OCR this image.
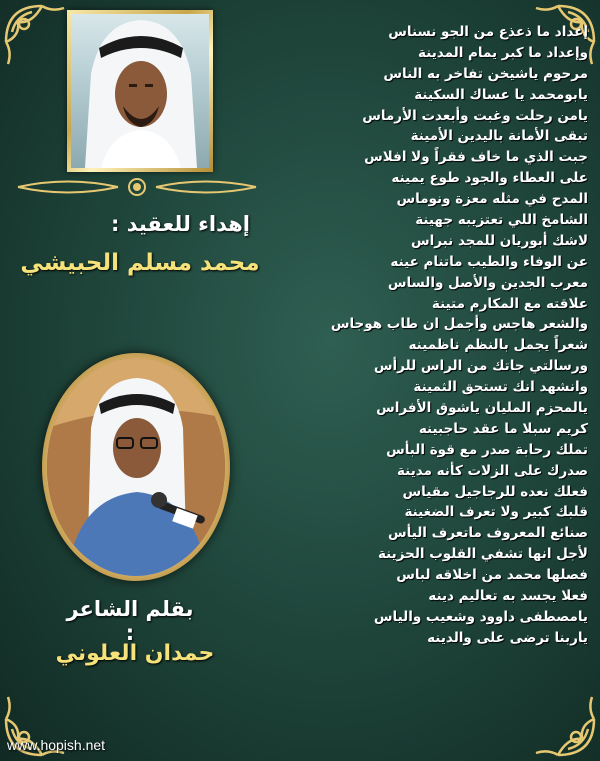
إهداء للعقيد :
محمد مسلم الحبيشي
بقلم الشاعر :
حمدان العلوني
إعداد ما ذعذع من الجو نسناس
وإعداد ما كبر يمام المدينة
مرحوم ياشيخن تفاخر به الناس
يابومحمد يا عساك السكينة
يامن رحلت وغبت وأبعدت الأرماس
تبقى الأمانة باليدين الأمينة
جبت الذي ما خاف فقراً ولا افلاس
على العطاء والجود طوع يمينه
المدح في مثله معزة ونوماس
الشامخ اللي تعتزيبه جهينة
لاشك أبوريان للمجد نبراس
عن الوفاء والطيب ماتنام عينه
معرب الجدين والأصل والساس
علاقته مع المكارم متينة
والشعر هاجس وأجمل ان طاب هوجاس
شعراً يجمل بالنظم ناظمينه
ورسالتي جاتك من الراس للرأس
وانشهد انك تستحق الثمينة
يالمحزم المليان ياشوق الأفراس
كريم سبلا ما عقد حاجبينه
تملك رحابة صدر مع قوة البأس
صدرك على الزلات كأنه مدينة
فعلك نعده للرجاجيل مقياس
قلبك كبير ولا تعرف الضغينة
صنائع المعروف ماتعرف اليأس
لأجل انها تشفي القلوب الحزينة
فصلها محمد من اخلاقه لباس
فعلا يجسد به تعاليم دينه
يامصطفى داوود وشعيب والياس
ياربنا ترضى على والدينه
www.hopish.net
